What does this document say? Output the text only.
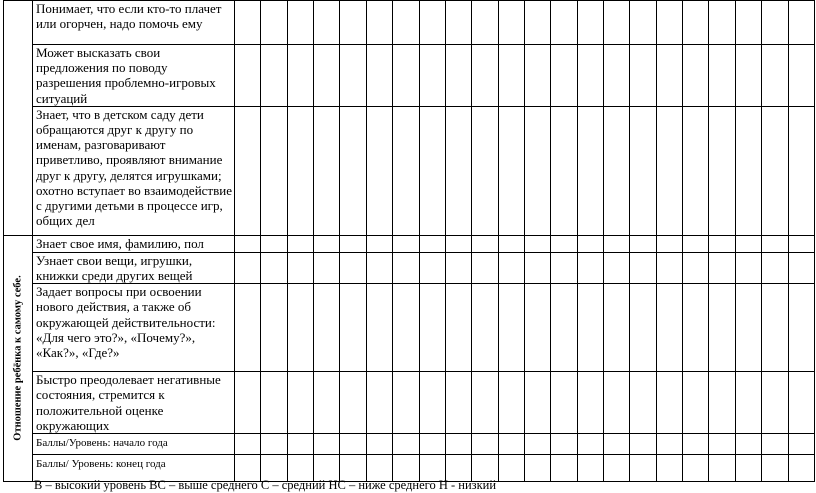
	Понимает, что если кто-то плачет или огорчен, надо помочь ему																						
	Может высказать свои предложения по поводу разрешения проблемно-игровых ситуаций																						
	Знает, что в детском саду дети обращаются друг к другу по именам, разговаривают приветливо, проявляют внимание друг к другу, делятся игрушками; охотно вступает во взаимодействие с другими детьми в процессе игр, общих дел																						

Отношение ребёнка к самому себе.	Знает свое имя, фамилию, пол																						
	Узнает свои вещи, игрушки, книжки среди других вещей																						
	Задает вопросы при освоении нового действия, а также об окружающей действительности: «Для чего это?», «Почему?», «Как?», «Где?»																						
	Быстро преодолевает негативные состояния, стремится к положительной оценке окружающих																						
	Баллы/Уровень: начало года																						
	Баллы/ Уровень: конец года																						
В – высокий уровень ВС – выше среднего С – средний НС – ниже среднего Н - низкий
